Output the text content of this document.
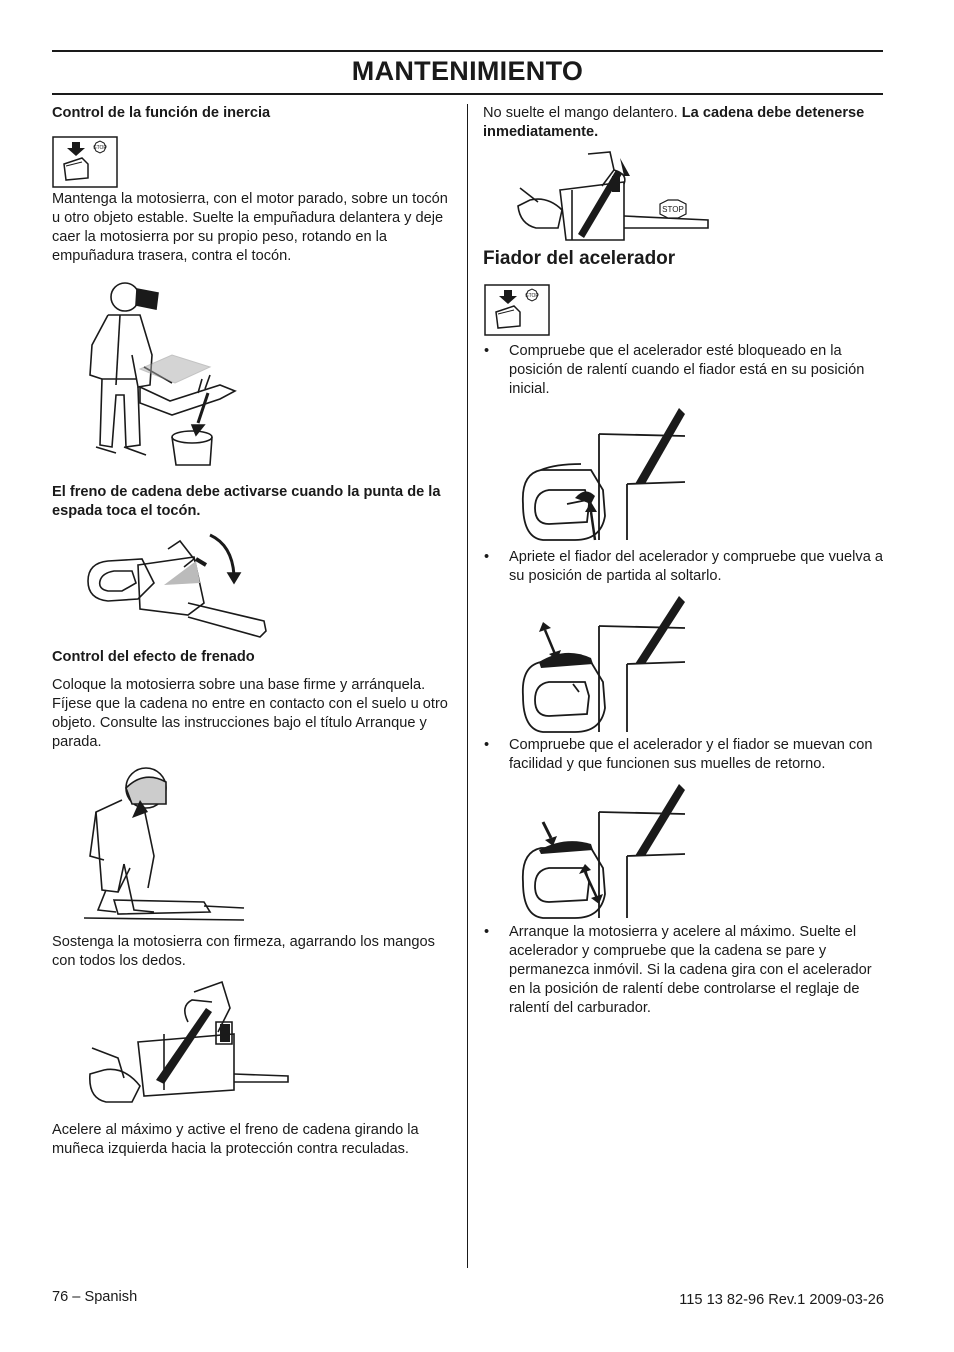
MANTENIMIENTO

Control de la función de inercia

STOP

Mantenga la motosierra, con el motor parado, sobre un tocón u otro objeto estable. Suelte la empuñadura delantera y deje caer la motosierra por su propio peso, rotando en la empuñadura trasera, contra el tocón.

El freno de cadena debe activarse cuando la punta de la espada toca el tocón.

Control del efecto de frenado

Coloque la motosierra sobre una base firme y arránquela. Fíjese que la cadena no entre en contacto con el suelo u otro objeto. Consulte las instrucciones bajo el título Arranque y parada.

Sostenga la motosierra con firmeza, agarrando los mangos con todos los dedos.

Acelere al máximo y active el freno de cadena girando la muñeca izquierda hacia la protección contra reculadas.

No suelte el mango delantero. La cadena debe detenerse inmediatamente.

STOP
Fiador del acelerador
STOP
• Compruebe que el acelerador esté bloqueado en la posición de ralentí cuando el fiador está en su posición inicial.
• Apriete el fiador del acelerador y compruebe que vuelva a su posición de partida al soltarlo.
• Compruebe que el acelerador y el fiador se muevan con facilidad y que funcionen sus muelles de retorno.
• Arranque la motosierra y acelere al máximo. Suelte el acelerador y compruebe que la cadena se pare y permanezca inmóvil. Si la cadena gira con el acelerador en la posición de ralentí debe controlarse el reglaje de ralentí del carburador.
76 – Spanish	115 13 82-96 Rev.1 2009-03-26
